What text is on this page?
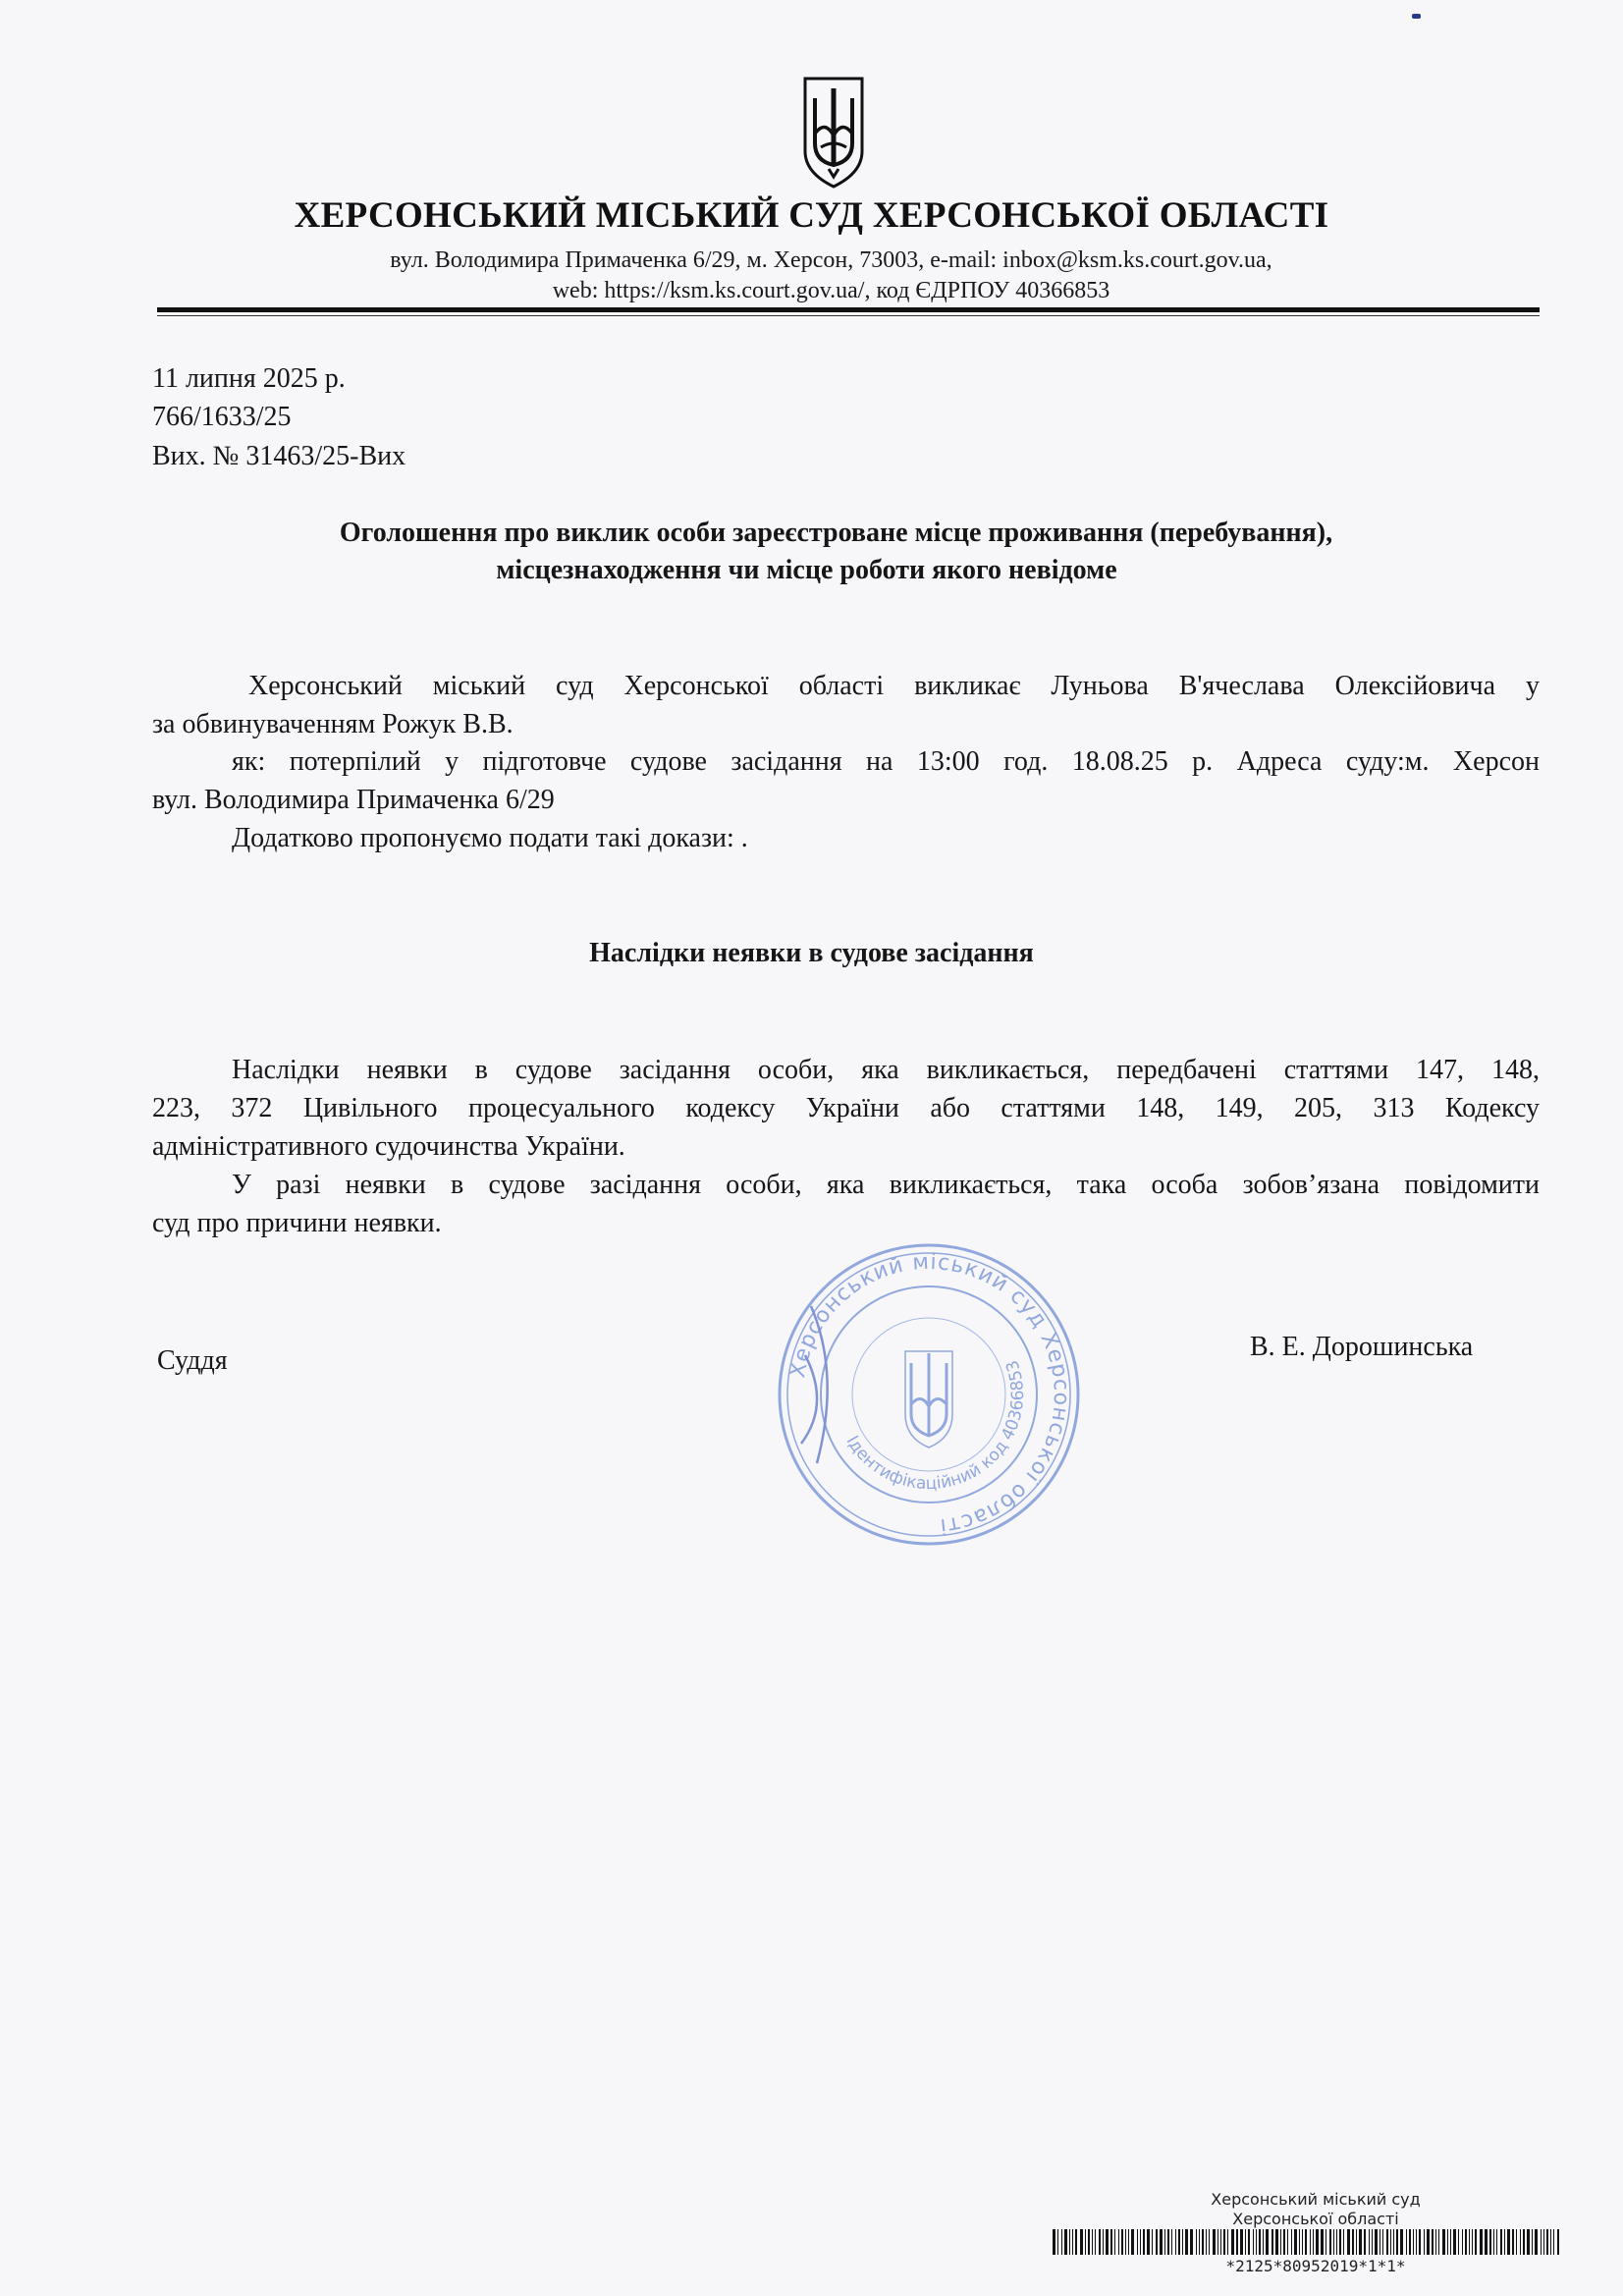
ХЕРСОНСЬКИЙ МІСЬКИЙ СУД ХЕРСОНСЬКОЇ ОБЛАСТІ
вул. Володимира Примаченка 6/29, м. Херсон, 73003, e-mail: inbox@ksm.ks.court.gov.ua,
web: https://ksm.ks.court.gov.ua/, код ЄДРПОУ 40366853
11 липня 2025 р.
766/1633/25
Вих. № 31463/25-Вих
Оголошення про виклик особи зареєстроване місце проживання (перебування),
місцезнаходження чи місце роботи якого невідоме
Херсонський міський суд Херсонської області викликає Луньова В'ячеслава Олексійовича у
за обвинуваченням Рожук В.В.
як: потерпілий у підготовче судове засідання на 13:00 год. 18.08.25 р. Адреса суду:м. Херсон
вул. Володимира Примаченка 6/29
Додатково пропонуємо подати такі докази: .
Наслідки неявки в судове засідання
Наслідки неявки в судове засідання особи, яка викликається, передбачені статтями 147, 148,
223, 372 Цивільного процесуального кодексу України або статтями 148, 149, 205, 313 Кодексу
адміністративного судочинства України.
У разі неявки в судове засідання особи, яка викликається, така особа зобов’язана повідомити
суд про причини неявки.
Херсонський міський суд Херсонської області
Ідентифікаційний код 40366853
Суддя	В. Е. Дорошинська
Херсонський міський суд
Херсонської області
*2125*80952019*1*1*
